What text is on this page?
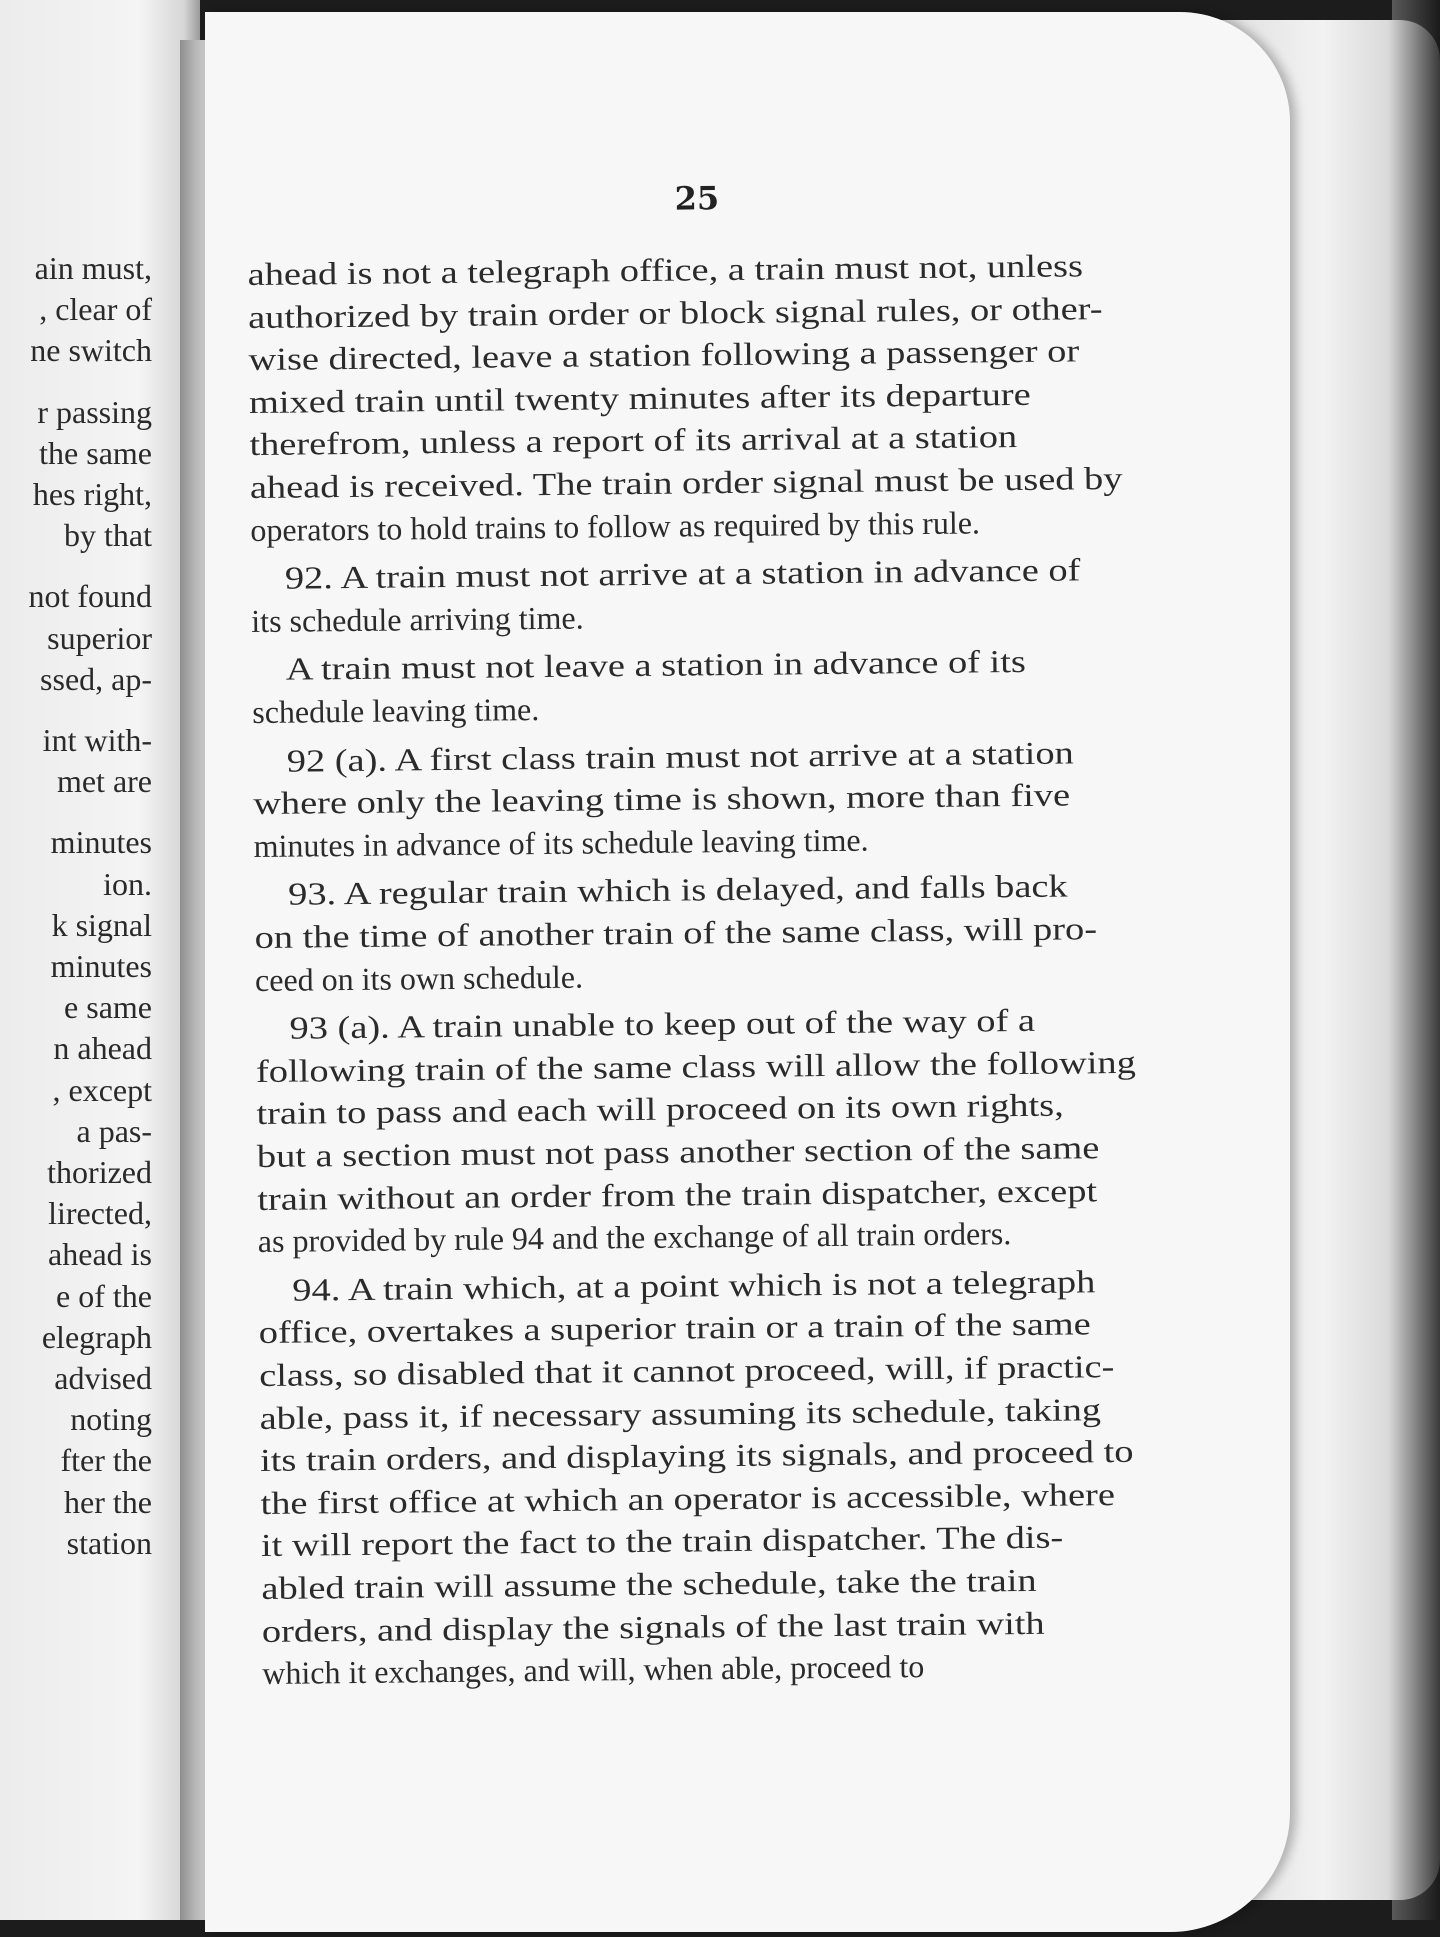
ain must,
, clear of
ne switch
r passing
the same
hes right,
by that
not found
superior
ssed, ap-
int with-
met are
minutes
ion.
k signal
minutes
e same
n ahead
, except
a pas-
thorized
lirected,
ahead is
e of the
elegraph
advised
noting
fter the
her the
station
25
ahead is not a telegraph office, a train must not, unless
authorized by train order or block signal rules, or other-
wise directed, leave a station following a passenger or
mixed train until twenty minutes after its departure
therefrom, unless a report of its arrival at a station
ahead is received. The train order signal must be used by
operators to hold trains to follow as required by this rule.
92. A train must not arrive at a station in advance of
its schedule arriving time.
A train must not leave a station in advance of its
schedule leaving time.
92 (a). A first class train must not arrive at a station
where only the leaving time is shown, more than five
minutes in advance of its schedule leaving time.
93. A regular train which is delayed, and falls back
on the time of another train of the same class, will pro-
ceed on its own schedule.
93 (a). A train unable to keep out of the way of a
following train of the same class will allow the following
train to pass and each will proceed on its own rights,
but a section must not pass another section of the same
train without an order from the train dispatcher, except
as provided by rule 94 and the exchange of all train orders.
94. A train which, at a point which is not a telegraph
office, overtakes a superior train or a train of the same
class, so disabled that it cannot proceed, will, if practic-
able, pass it, if necessary assuming its schedule, taking
its train orders, and displaying its signals, and proceed to
the first office at which an operator is accessible, where
it will report the fact to the train dispatcher. The dis-
abled train will assume the schedule, take the train
orders, and display the signals of the last train with
which it exchanges, and will, when able, proceed to
